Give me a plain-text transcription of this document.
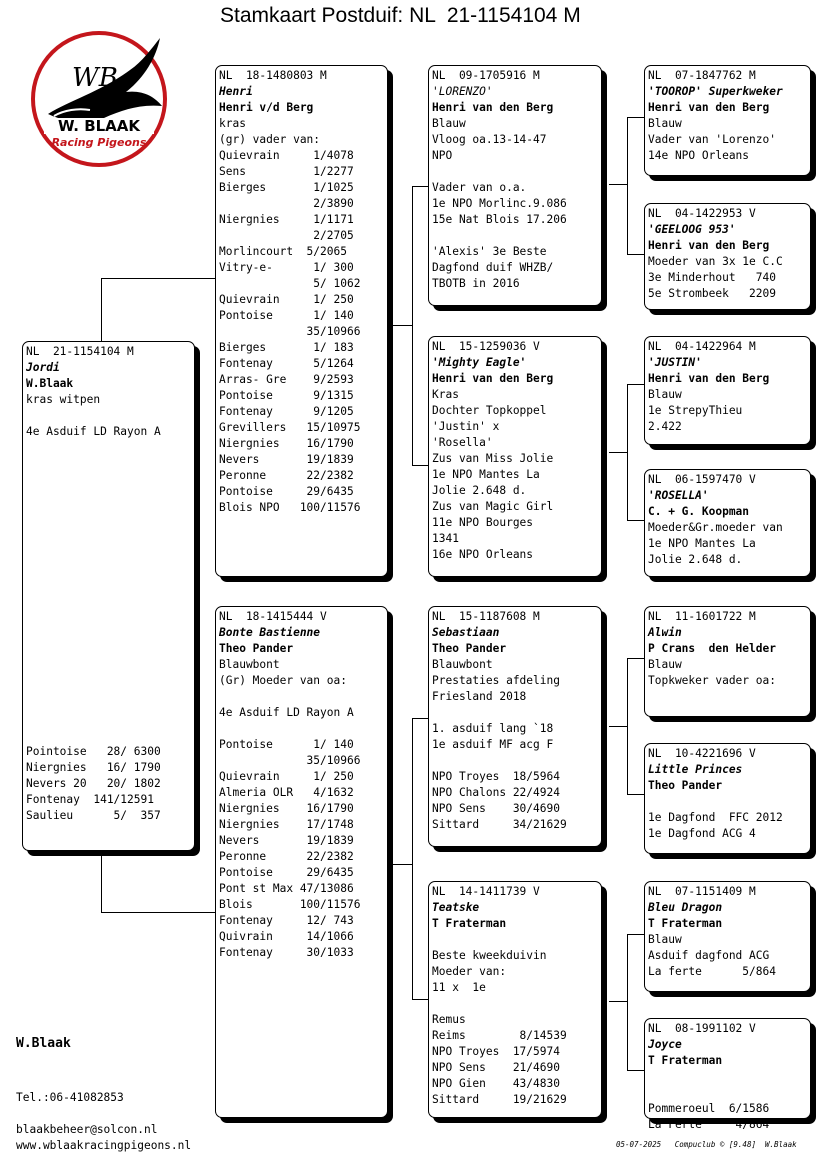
Stamkaart Postduif: NL  21-1154104 M
WB
W. BLAAK
Racing Pigeons
NL  21-1154104 M
Jordi
W.Blaak
kras witpen
4e Asduif LD Rayon A
Pointoise   28/ 6300
Niergnies   16/ 1790
Nevers 20   20/ 1802
Fontenay  141/12591
Saulieu      5/  357
NL  18-1480803 M
Henri
Henri v/d Berg
kras
(gr) vader van:
Quievrain     1/4078
Sens          1/2277
Bierges       1/1025
2/3890
Niergnies     1/1171
2/2705
Morlincourt  5/2065
Vitry-e-      1/ 300
5/ 1062
Quievrain     1/ 250
Pontoise      1/ 140
35/10966
Bierges       1/ 183
Fontenay      5/1264
Arras- Gre    9/2593
Pontoise      9/1315
Fontenay      9/1205
Grevillers   15/10975
Niergnies    16/1790
Nevers       19/1839
Peronne      22/2382
Pontoise     29/6435
Blois NPO   100/11576
NL  18-1415444 V
Bonte Bastienne
Theo Pander
Blauwbont
(Gr) Moeder van oa:
4e Asduif LD Rayon A
Pontoise      1/ 140
35/10966
Quievrain     1/ 250
Almeria OLR   4/1632
Niergnies    16/1790
Niergnies    17/1748
Nevers       19/1839
Peronne      22/2382
Pontoise     29/6435
Pont st Max 47/13086
Blois       100/11576
Fontenay     12/ 743
Quivrain     14/1066
Fontenay     30/1033
NL  09-1705916 M
'LORENZO'
Henri van den Berg
Blauw
Vloog oa.13-14-47
NPO
Vader van o.a.
1e NPO Morlinc.9.086
15e Nat Blois 17.206
'Alexis' 3e Beste
Dagfond duif WHZB/
TBOTB in 2016
NL  15-1259036 V
'Mighty Eagle'
Henri van den Berg
Kras
Dochter Topkoppel
'Justin' x
'Rosella'
Zus van Miss Jolie
1e NPO Mantes La
Jolie 2.648 d.
Zus van Magic Girl
11e NPO Bourges
1341
16e NPO Orleans
NL  15-1187608 M
Sebastiaan
Theo Pander
Blauwbont
Prestaties afdeling
Friesland 2018
1. asduif lang `18
1e asduif MF acg F
NPO Troyes  18/5964
NPO Chalons 22/4924
NPO Sens    30/4690
Sittard     34/21629
NL  14-1411739 V
Teatske
T Fraterman
Beste kweekduivin
Moeder van:
11 x  1e
Remus
Reims        8/14539
NPO Troyes  17/5974
NPO Sens    21/4690
NPO Gien    43/4830
Sittard     19/21629
NL  07-1847762 M
'TOOROP' Superkweker
Henri van den Berg
Blauw
Vader van 'Lorenzo'
14e NPO Orleans
NL  04-1422953 V
'GEELOOG 953'
Henri van den Berg
Moeder van 3x 1e C.C
3e Minderhout   740
5e Strombeek   2209
NL  04-1422964 M
'JUSTIN'
Henri van den Berg
Blauw
1e StrepyThieu
2.422
NL  06-1597470 V
'ROSELLA'
C. + G. Koopman
Moeder&Gr.moeder van
1e NPO Mantes La
Jolie 2.648 d.
NL  11-1601722 M
Alwin
P Crans  den Helder
Blauw
Topkweker vader oa:
NL  10-4221696 V
Little Princes
Theo Pander
1e Dagfond  FFC 2012
1e Dagfond ACG 4
NL  07-1151409 M
Bleu Dragon
T Fraterman
Blauw
Asduif dagfond ACG
La ferte      5/864
NL  08-1991102 V
Joyce
T Fraterman
Pommeroeul  6/1586
La Ferte     4/864
W.Blaak
Tel.:06-41082853
blaakbeheer@solcon.nl
www.wblaakracingpigeons.nl	05-07-2025   Compuclub © [9.48]  W.Blaak
